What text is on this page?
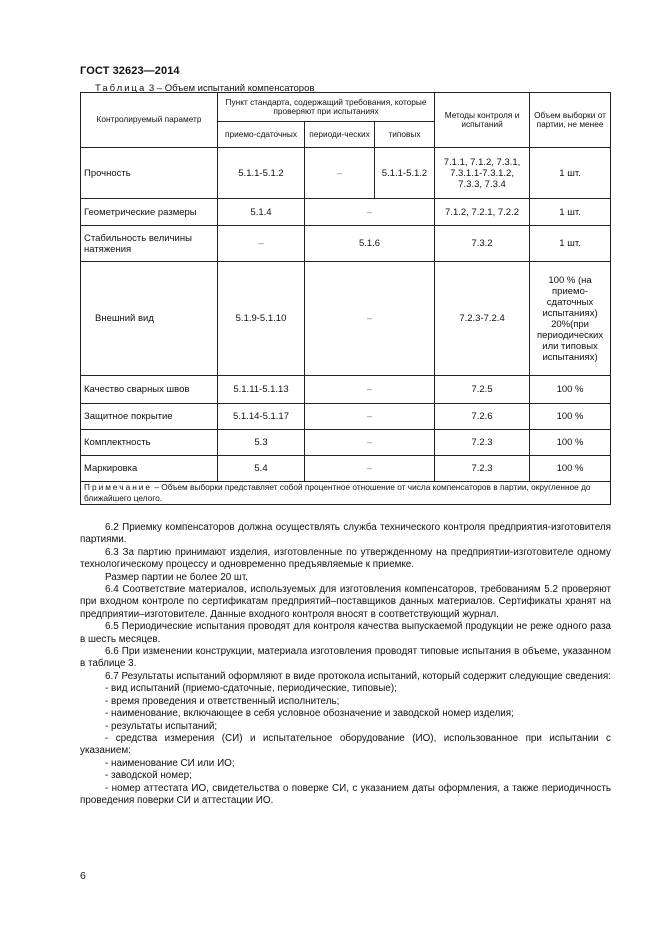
ГОСТ 32623—2014
Таблица 3 – Объем испытаний компенсаторов
Контролируемый параметр	Пункт стандарта, содержащий требования, которые проверяют при испытаниях			Методы контроля и испытаний	Объем выборки от партии, не менее
	приемо-сдаточных	периоди-ческих	типовых		
Прочность	5.1.1-5.1.2	–	5.1.1-5.1.2	7.1.1, 7.1.2, 7.3.1, 7.3.1.1-7.3.1.2, 7.3.3, 7.3.4	1 шт.
Геометрические размеры	5.1.4	–		7.1.2, 7.2.1, 7.2.2	1 шт.
Стабильность величины натяжения	–	5.1.6		7.3.2	1 шт.
Внешний вид	5.1.9-5.1.10	–		7.2.3-7.2.4	100 % (на приемо-сдаточных испытаниях) 20%(при периодических или типовых испытаниях)
Качество сварных швов	5.1.11-5.1.13	–		7.2.5	100 %
Защитное покрытие	5.1.14-5.1.17	–		7.2.6	100 %
Комплектность	5.3	–		7.2.3	100 %
Маркировка	5.4	–		7.2.3	100 %
Примечание – Объем выборки представляет собой процентное отношение от числа компенсаторов в партии, округленное до ближайшего целого.					

6.2 Приемку компенсаторов должна осуществлять служба технического контроля предприятия-изготовителя партиями.

6.3 За партию принимают изделия, изготовленные по утвержденному на предприятии-изготовителе одному технологическому процессу и одновременно предъявляемые к приемке.

Размер партии не более 20 шт.

6.4 Соответствие материалов, используемых для изготовления компенсаторов, требованиям 5.2 проверяют при входном контроле по сертификатам предприятий–поставщиков данных материалов. Сертификаты хранят на предприятии–изготовителе. Данные входного контроля вносят в соответствующий журнал.

6.5 Периодические испытания проводят для контроля качества выпускаемой продукции не реже одного раза в шесть месяцев.

6.6 При изменении конструкции, материала изготовления проводят типовые испытания в объеме, указанном в таблице 3.

6.7 Результаты испытаний оформляют в виде протокола испытаний, который содержит следующие сведения:

- вид испытаний (приемо-сдаточные, периодические, типовые);

- время проведения и ответственный исполнитель;

- наименование, включающее в себя условное обозначение и заводской номер изделия;

- результаты испытаний;

- средства измерения (СИ) и испытательное оборудование (ИО), использованное при испытании с указанием:

- наименование СИ или ИО;

- заводской номер;

- номер аттестата ИО, свидетельства о поверке СИ, с указанием даты оформления, а также периодичность проведения поверки СИ и аттестации ИО.

6
